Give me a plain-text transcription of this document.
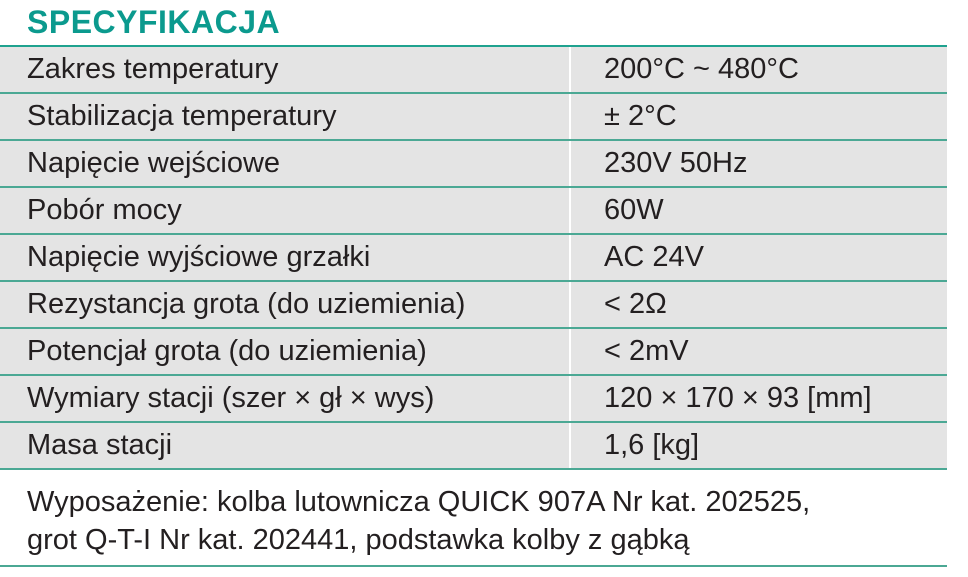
SPECYFIKACJA
Zakres temperatury	200°C ~ 480°C
Stabilizacja temperatury	± 2°C
Napięcie wejściowe	230V 50Hz
Pobór mocy	60W
Napięcie wyjściowe grzałki	AC 24V
Rezystancja grota (do uziemienia)	< 2Ω
Potencjał grota (do uziemienia)	< 2mV
Wymiary stacji (szer × gł × wys)	120 × 170 × 93 [mm]
Masa stacji	1,6 [kg]
Wyposażenie: kolba lutownicza QUICK 907A Nr kat. 202525,
grot Q-T-I Nr kat. 202441, podstawka kolby z gąbką
